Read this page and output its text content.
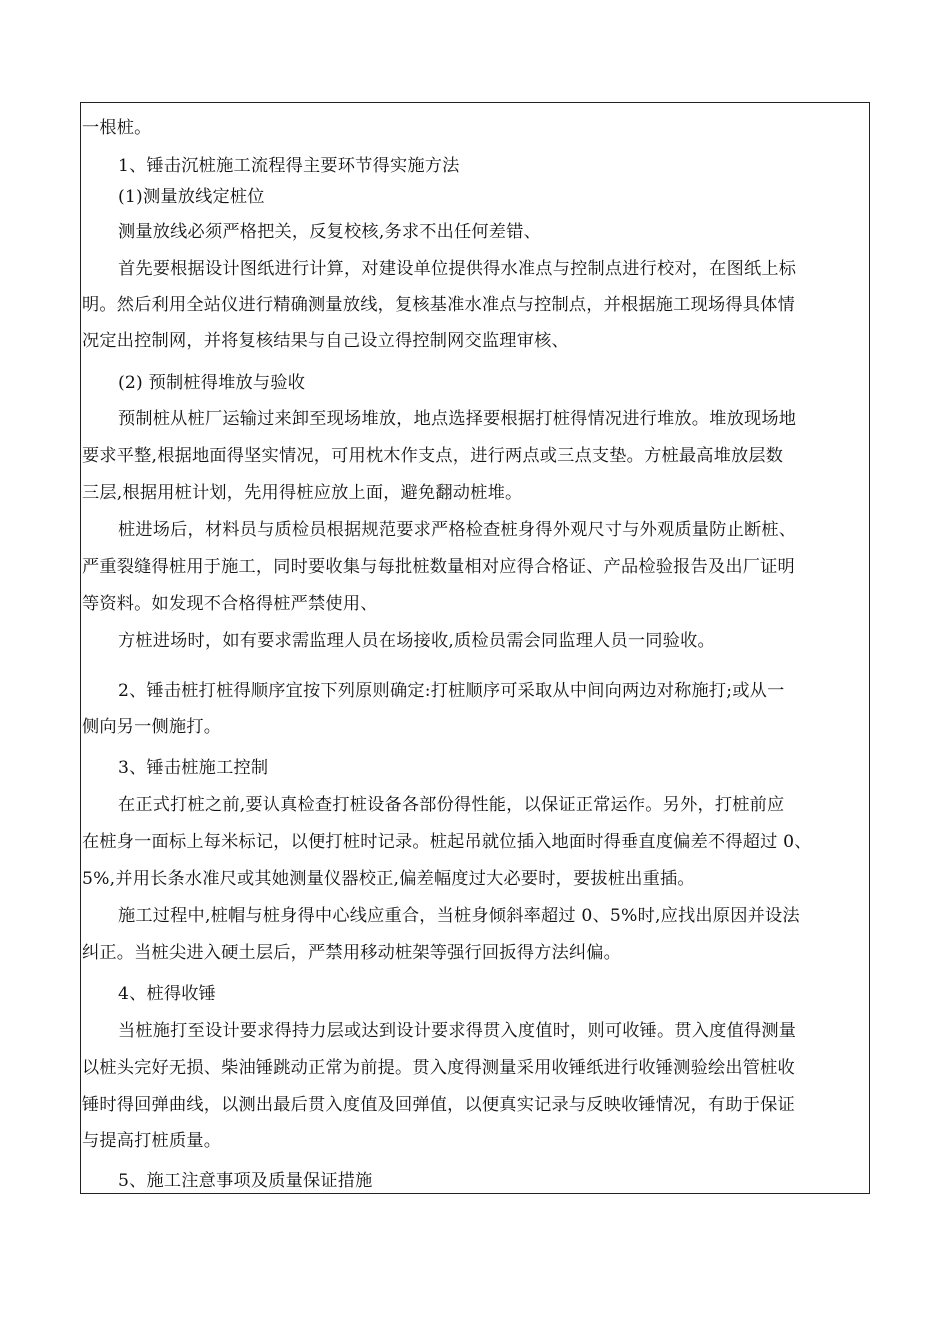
一根桩。
1、锤击沉桩施工流程得主要环节得实施方法
(1)测量放线定桩位
测量放线必须严格把关，反复校核,务求不出任何差错、
首先要根据设计图纸进行计算，对建设单位提供得水准点与控制点进行校对，在图纸上标
明。然后利用全站仪进行精确测量放线，复核基准水准点与控制点，并根据施工现场得具体情
况定出控制网，并将复核结果与自己设立得控制网交监理审核、
(2) 预制桩得堆放与验收
预制桩从桩厂运输过来卸至现场堆放，地点选择要根据打桩得情况进行堆放。堆放现场地
要求平整,根据地面得坚实情况，可用枕木作支点，进行两点或三点支垫。方桩最高堆放层数
三层,根据用桩计划，先用得桩应放上面，避免翻动桩堆。
桩进场后，材料员与质检员根据规范要求严格检查桩身得外观尺寸与外观质量防止断桩、
严重裂缝得桩用于施工，同时要收集与每批桩数量相对应得合格证、产品检验报告及出厂证明
等资料。如发现不合格得桩严禁使用、
方桩进场时，如有要求需监理人员在场接收,质检员需会同监理人员一同验收。
2、锤击桩打桩得顺序宜按下列原则确定:打桩顺序可采取从中间向两边对称施打;或从一
侧向另一侧施打。
3、锤击桩施工控制
在正式打桩之前,要认真检查打桩设备各部份得性能，以保证正常运作。另外，打桩前应
在桩身一面标上每米标记，以便打桩时记录。桩起吊就位插入地面时得垂直度偏差不得超过 0、
5%,并用长条水准尺或其她测量仪器校正,偏差幅度过大必要时，要拔桩出重插。
施工过程中,桩帽与桩身得中心线应重合，当桩身倾斜率超过 0、5%时,应找出原因并设法
纠正。当桩尖进入硬土层后，严禁用移动桩架等强行回扳得方法纠偏。
4、桩得收锤
当桩施打至设计要求得持力层或达到设计要求得贯入度值时，则可收锤。贯入度值得测量
以桩头完好无损、柴油锤跳动正常为前提。贯入度得测量采用收锤纸进行收锤测验绘出管桩收
锤时得回弹曲线，以测出最后贯入度值及回弹值，以便真实记录与反映收锤情况，有助于保证
与提高打桩质量。
5、施工注意事项及质量保证措施
